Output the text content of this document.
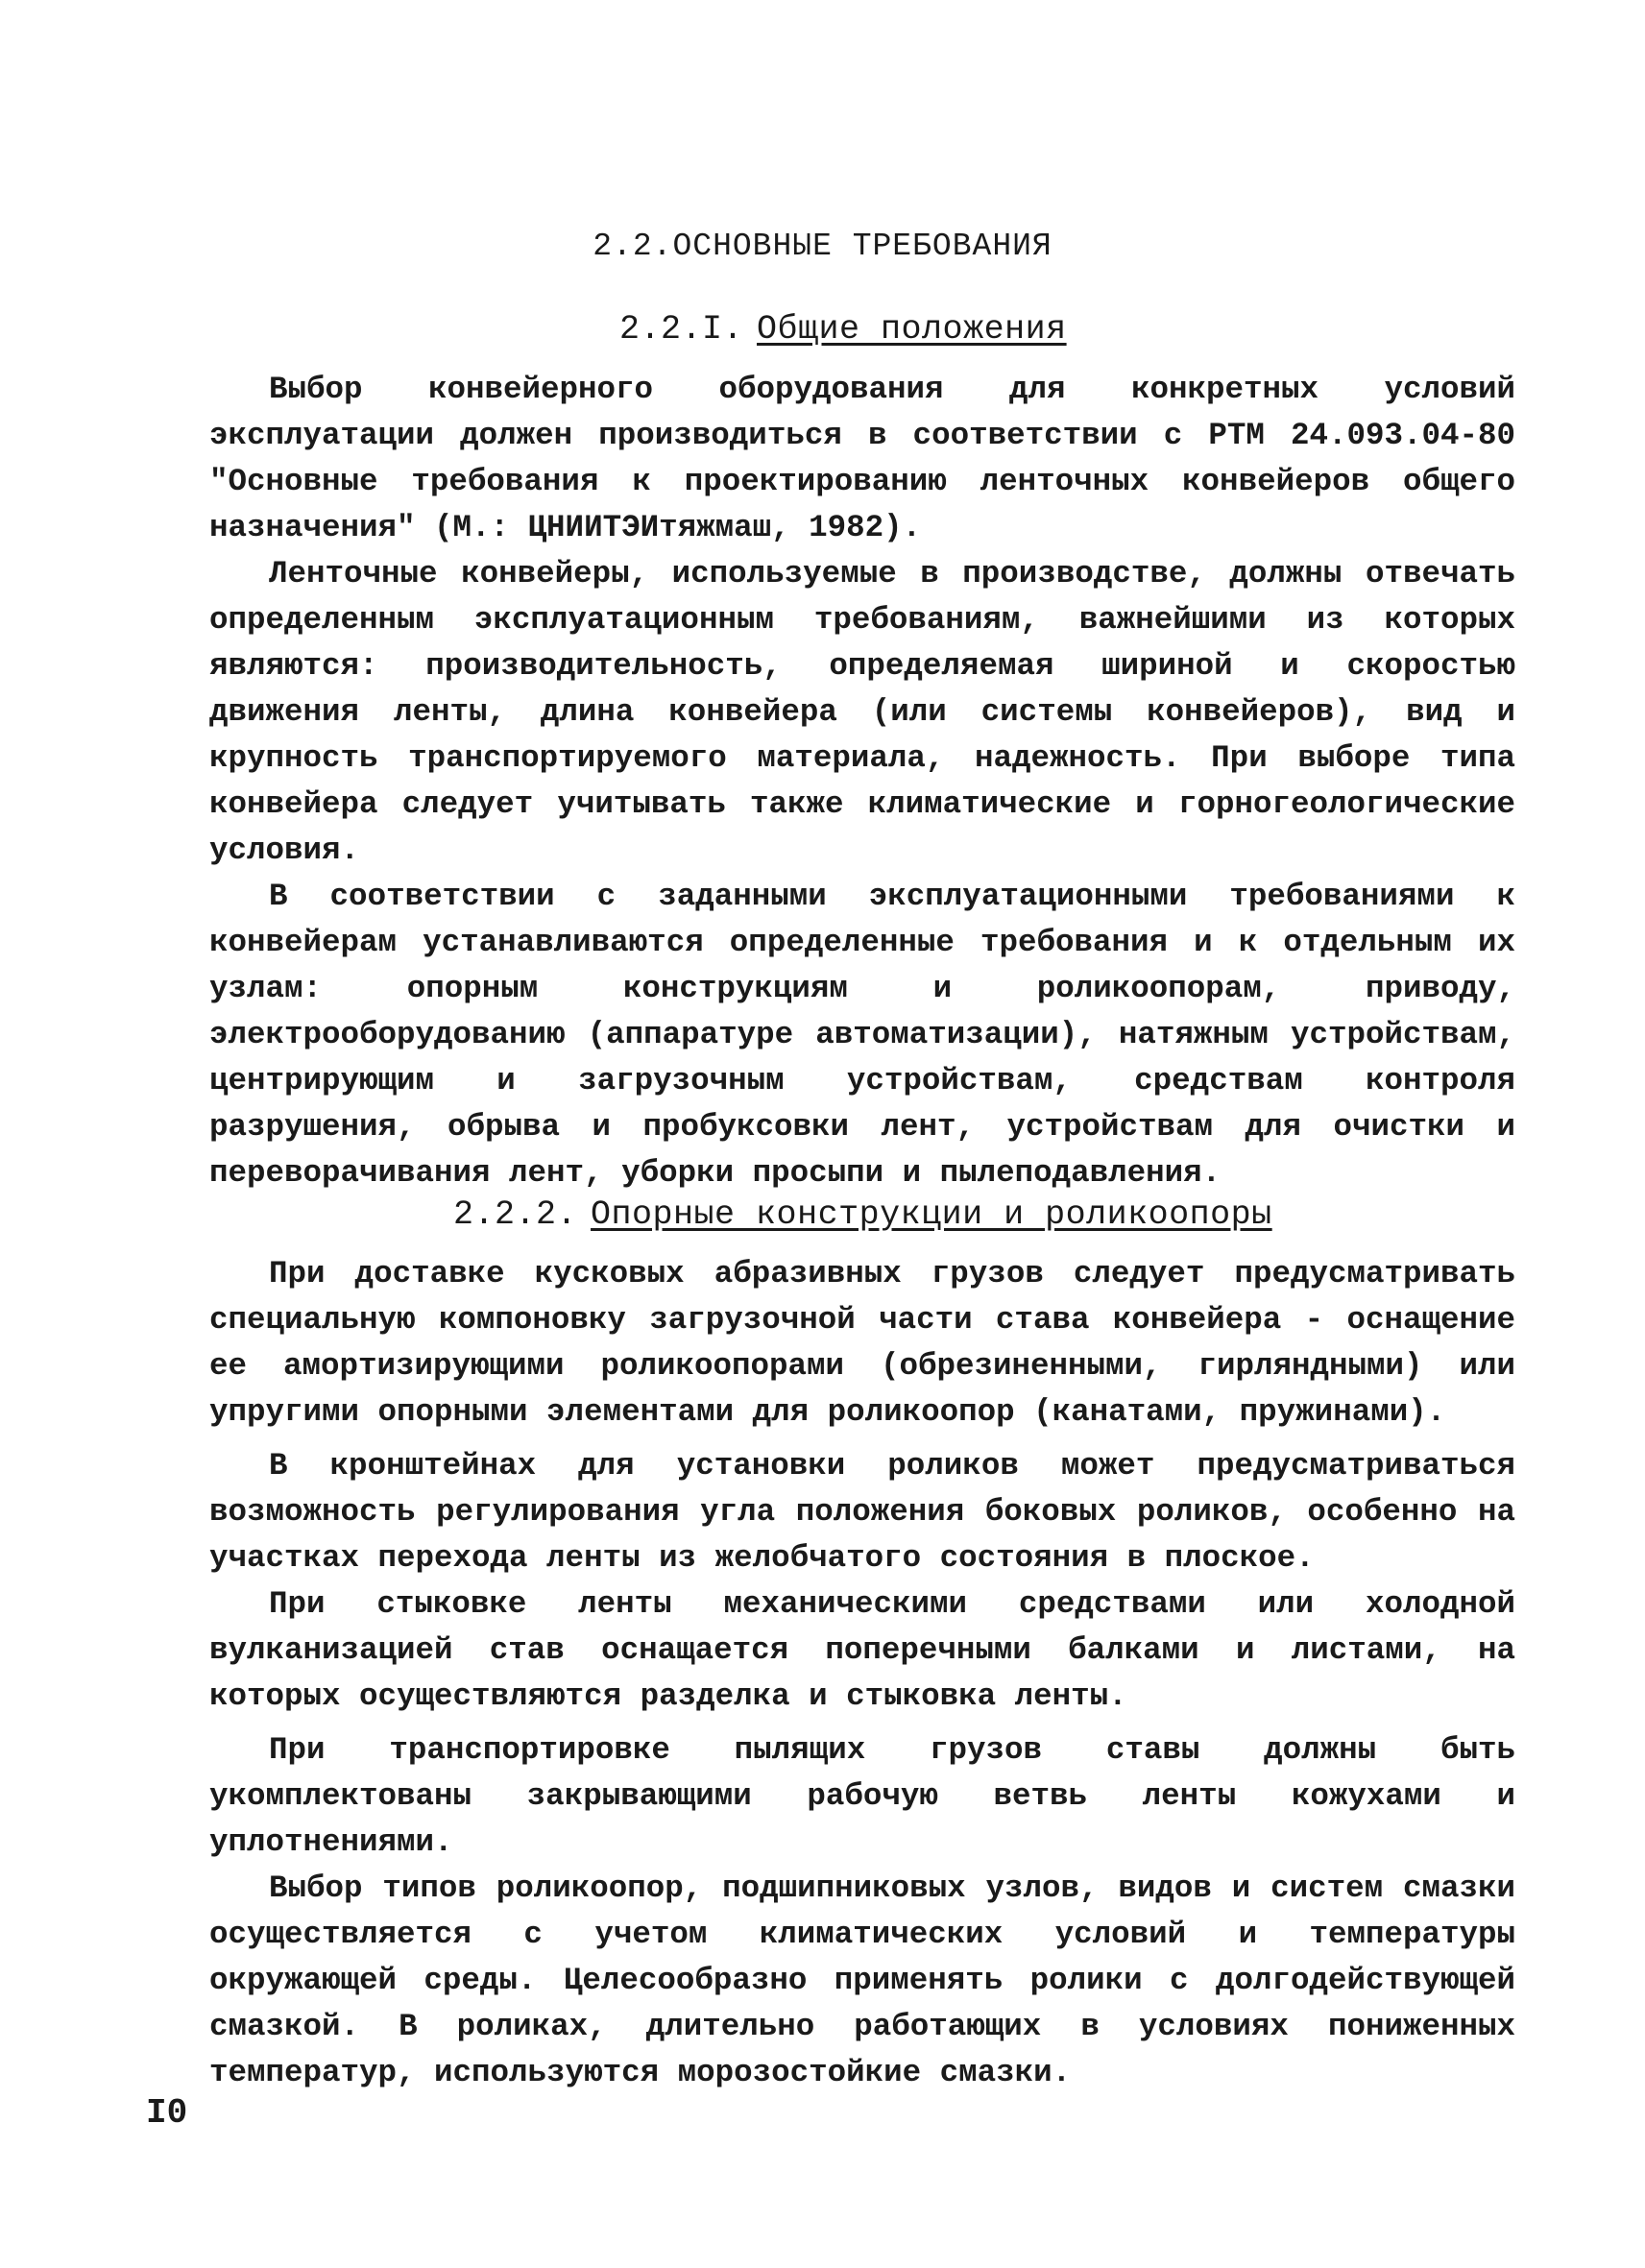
2.2.ОСНОВНЫЕ ТРЕБОВАНИЯ
2.2.I. Общие положения

Выбор конвейерного оборудования для конкретных условий эксплуатации должен производиться в соответствии с РТМ 24.093.04-80 "Основные требования к проектированию ленточных конвейеров общего назначения" (М.: ЦНИИТЭИтяжмаш, 1982).

Ленточные конвейеры, используемые в производстве, должны отвечать определенным эксплуатационным требованиям, важнейшими из которых являются: производительность, определяемая шириной и скоростью движения ленты, длина конвейера (или системы конвейеров), вид и крупность транспортируемого материала, надежность. При выборе типа конвейера следует учитывать также климатические и горногеологические условия.

В соответствии с заданными эксплуатационными требованиями к конвейерам устанавливаются определенные требования и к отдельным их узлам: опорным конструкциям и роликоопорам, приводу, электрооборудованию (аппаратуре автоматизации), натяжным устройствам, центрирующим и загрузочным устройствам, средствам контроля разрушения, обрыва и пробуксовки лент, устройствам для очистки и переворачивания лент, уборки просыпи и пылеподавления.

2.2.2. Опорные конструкции и роликоопоры

При доставке кусковых абразивных грузов следует предусматривать специальную компоновку загрузочной части става конвейера - оснащение ее амортизирующими роликоопорами (обрезиненными, гирляндными) или упругими опорными элементами для роликоопор (канатами, пружинами).

В кронштейнах для установки роликов может предусматриваться возможность регулирования угла положения боковых роликов, особенно на участках перехода ленты из желобчатого состояния в плоское.

При стыковке ленты механическими средствами или холодной вулканизацией став оснащается поперечными балками и листами, на которых осуществляются разделка и стыковка ленты.

При транспортировке пылящих грузов ставы должны быть укомплектованы закрывающими рабочую ветвь ленты кожухами и уплотнениями.

Выбор типов роликоопор, подшипниковых узлов, видов и систем смазки осуществляется с учетом климатических условий и температуры окружающей среды. Целесообразно применять ролики с долгодействующей смазкой. В роликах, длительно работающих в условиях пониженных температур, используются морозостойкие смазки.

I0
